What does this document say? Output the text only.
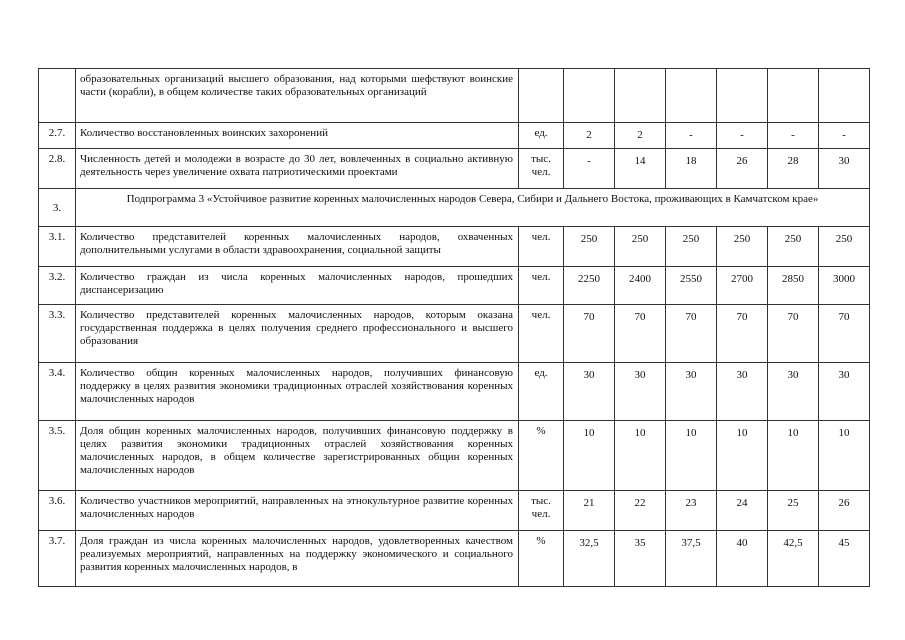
	образовательных организаций высшего образования, над которыми шефствуют воинские части (корабли), в общем количестве таких образовательных организаций							
2.7.	Количество восстановленных воинских захоронений	ед.	2	2	-	-	-	-
2.8.	Численность детей и молодежи в возрасте до 30 лет, вовлеченных в социально активную деятельность через увеличение охвата патриотическими проектами	тыс. чел.	-	14	18	26	28	30
3.	Подпрограмма 3 «Устойчивое развитие коренных малочисленных народов Севера, Сибири и Дальнего Востока, проживающих в Камчатском крае»							
3.1.	Количество представителей коренных малочисленных народов, охваченных дополнительными услугами в области здравоохранения, социальной защиты	чел.	250	250	250	250	250	250
3.2.	Количество граждан из числа коренных малочисленных народов, прошедших диспансеризацию	чел.	2250	2400	2550	2700	2850	3000
3.3.	Количество представителей коренных малочисленных народов, которым оказана государственная поддержка в целях получения среднего профессионального и высшего образования	чел.	70	70	70	70	70	70
3.4.	Количество общин коренных малочисленных народов, получивших финансовую поддержку в целях развития экономики традиционных отраслей хозяйствования коренных малочисленных народов	ед.	30	30	30	30	30	30
3.5.	Доля общин коренных малочисленных народов, получивших финансовую поддержку в целях развития экономики традиционных отраслей хозяйствования коренных малочисленных народов, в общем количестве зарегистрированных общин коренных малочисленных народов	%	10	10	10	10	10	10
3.6.	Количество участников мероприятий, направленных на этнокультурное развитие коренных малочисленных народов	тыс. чел.	21	22	23	24	25	26
3.7.	Доля граждан из числа коренных малочисленных народов, удовлетворенных качеством реализуемых мероприятий, направленных на поддержку экономического и социального развития коренных малочисленных народов, в	%	32,5	35	37,5	40	42,5	45
